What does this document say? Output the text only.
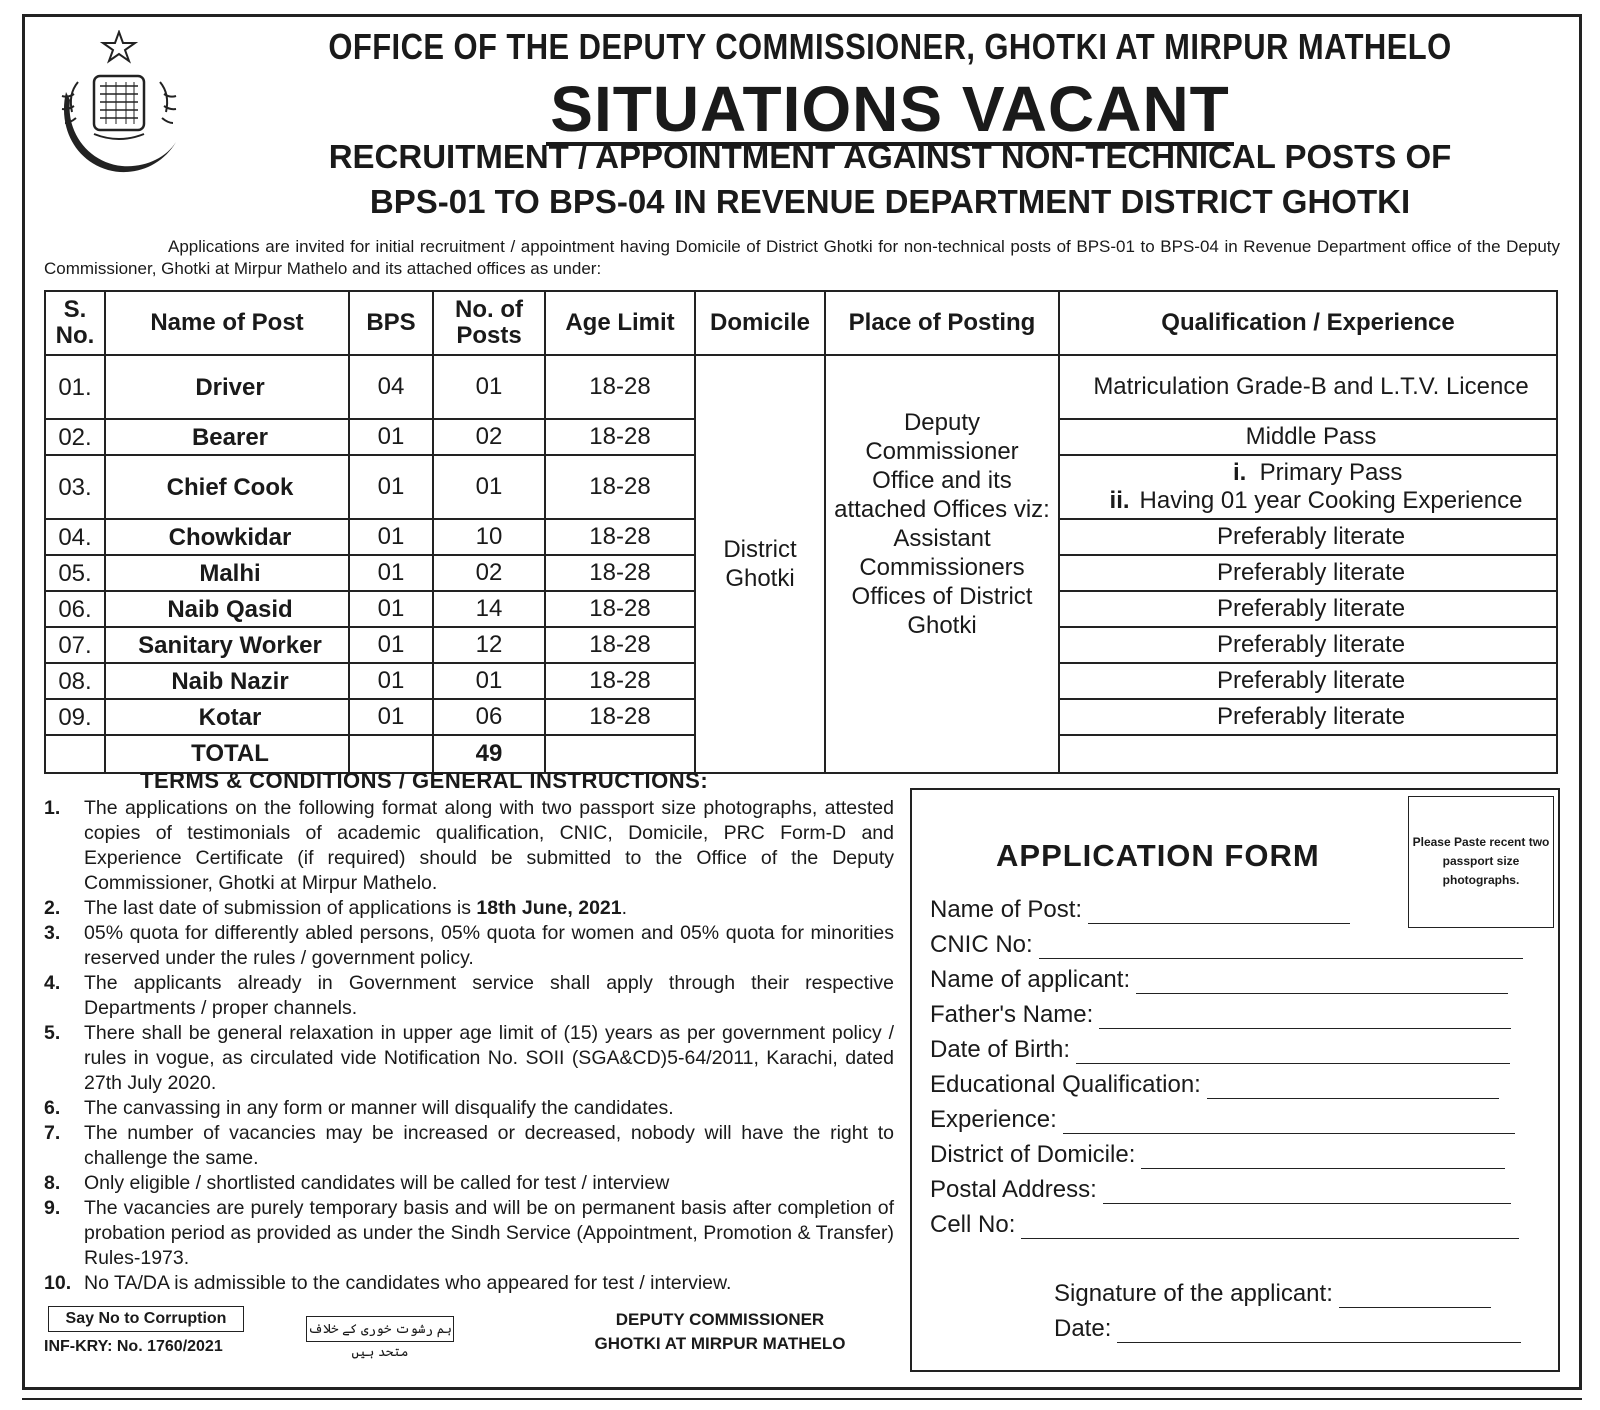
OFFICE OF THE DEPUTY COMMISSIONER, GHOTKI AT MIRPUR MATHELO
SITUATIONS VACANT
RECRUITMENT / APPOINTMENT AGAINST NON-TECHNICAL POSTS OF
BPS-01 TO BPS-04 IN REVENUE DEPARTMENT DISTRICT GHOTKI
Applications are invited for initial recruitment / appointment having Domicile of District Ghotki for non-technical posts of BPS-01 to BPS-04 in Revenue Department office of the Deputy Commissioner, Ghotki at Mirpur Mathelo and its attached offices as under:
S. No.	Name of Post	BPS	No. of Posts	Age Limit	Domicile	Place of Posting	Qualification / Experience
01.	Driver	04	01	18-28	District Ghotki	Deputy Commissioner Office and its attached Offices viz: Assistant Commissioners Offices of District Ghotki	Matriculation Grade-B and L.T.V. Licence
02.	Bearer	01	02	18-28			Middle Pass
03.	Chief Cook	01	01	18-28			i. Primary Pass
ii. Having 01 year Cooking Experience

04.	Chowkidar	01	10	18-28			Preferably literate
05.	Malhi	01	02	18-28			Preferably literate
06.	Naib Qasid	01	14	18-28			Preferably literate
07.	Sanitary Worker	01	12	18-28			Preferably literate
08.	Naib Nazir	01	01	18-28			Preferably literate
09.	Kotar	01	06	18-28			Preferably literate
	TOTAL		49				
TERMS & CONDITIONS / GENERAL INSTRUCTIONS:
1. The applications on the following format along with two passport size photographs, attested copies of testimonials of academic qualification, CNIC, Domicile, PRC Form-D and Experience Certificate (if required) should be submitted to the Office of the Deputy Commissioner, Ghotki at Mirpur Mathelo.
2. The last date of submission of applications is 18th June, 2021.
3. 05% quota for differently abled persons, 05% quota for women and 05% quota for minorities reserved under the rules / government policy.
4. The applicants already in Government service shall apply through their respective Departments / proper channels.
5. There shall be general relaxation in upper age limit of (15) years as per government policy / rules in vogue, as circulated vide Notification No. SOII (SGA&CD)5-64/2011, Karachi, dated 27th July 2020.
6. The canvassing in any form or manner will disqualify the candidates.
7. The number of vacancies may be increased or decreased, nobody will have the right to challenge the same.
8. Only eligible / shortlisted candidates will be called for test / interview
9. The vacancies are purely temporary basis and will be on permanent basis after completion of probation period as provided as under the Sindh Service (Appointment, Promotion & Transfer) Rules-1973.
10. No TA/DA is admissible to the candidates who appeared for test / interview.
Say No to Corruption
INF-KRY: No. 1760/2021
ہم رشوت خوری کے خلاف متحد ہیں
DEPUTY COMMISSIONER
GHOTKI AT MIRPUR MATHELO
APPLICATION FORM	Please Paste recent two passport size photographs.
Name of Post:
CNIC No:
Name of applicant:
Father's Name:
Date of Birth:
Educational Qualification:
Experience:
District of Domicile:
Postal Address:
Cell No:
Signature of the applicant:
Date:
